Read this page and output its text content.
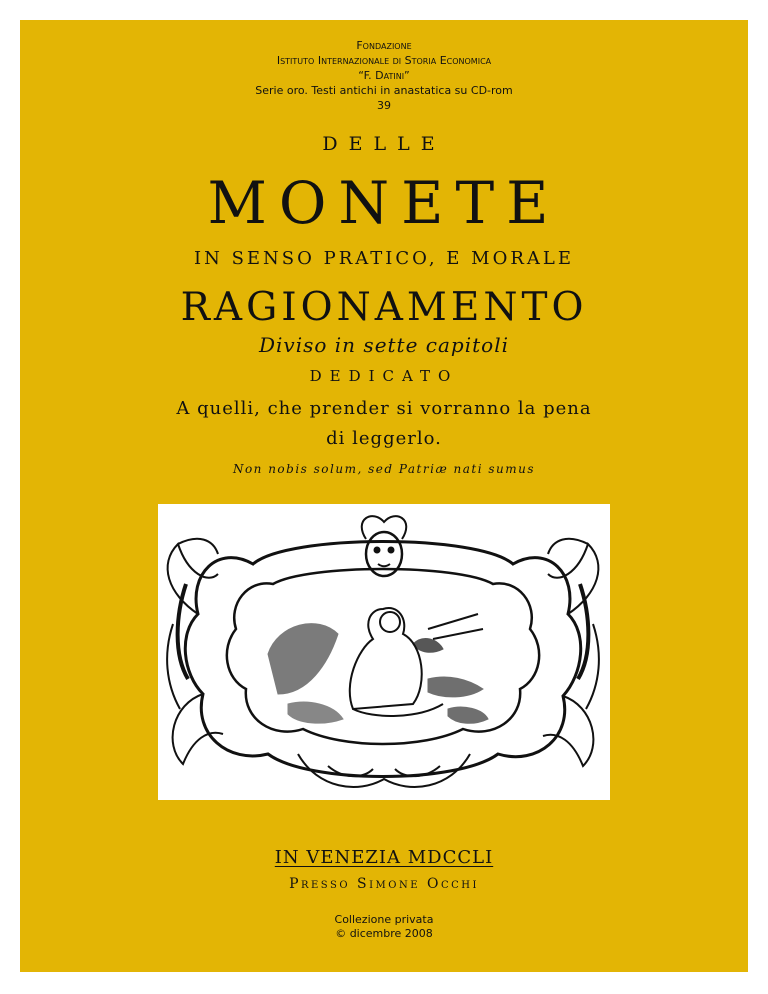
Fondazione
Istituto Internazionale di Storia Economica
“F. Datini”
Serie oro. Testi antichi in anastatica su CD-rom
39
DELLE
MONETE
IN SENSO PRATICO, E MORALE
RAGIONAMENTO
Diviso in sette capitoli
DEDICATO
A quelli, che prender si vorranno la pena
di leggerlo.
Non nobis solum, sed Patriæ nati sumus
IN VENEZIA MDCCLI
Presso Simone Occhi
Collezione privata
© dicembre 2008
